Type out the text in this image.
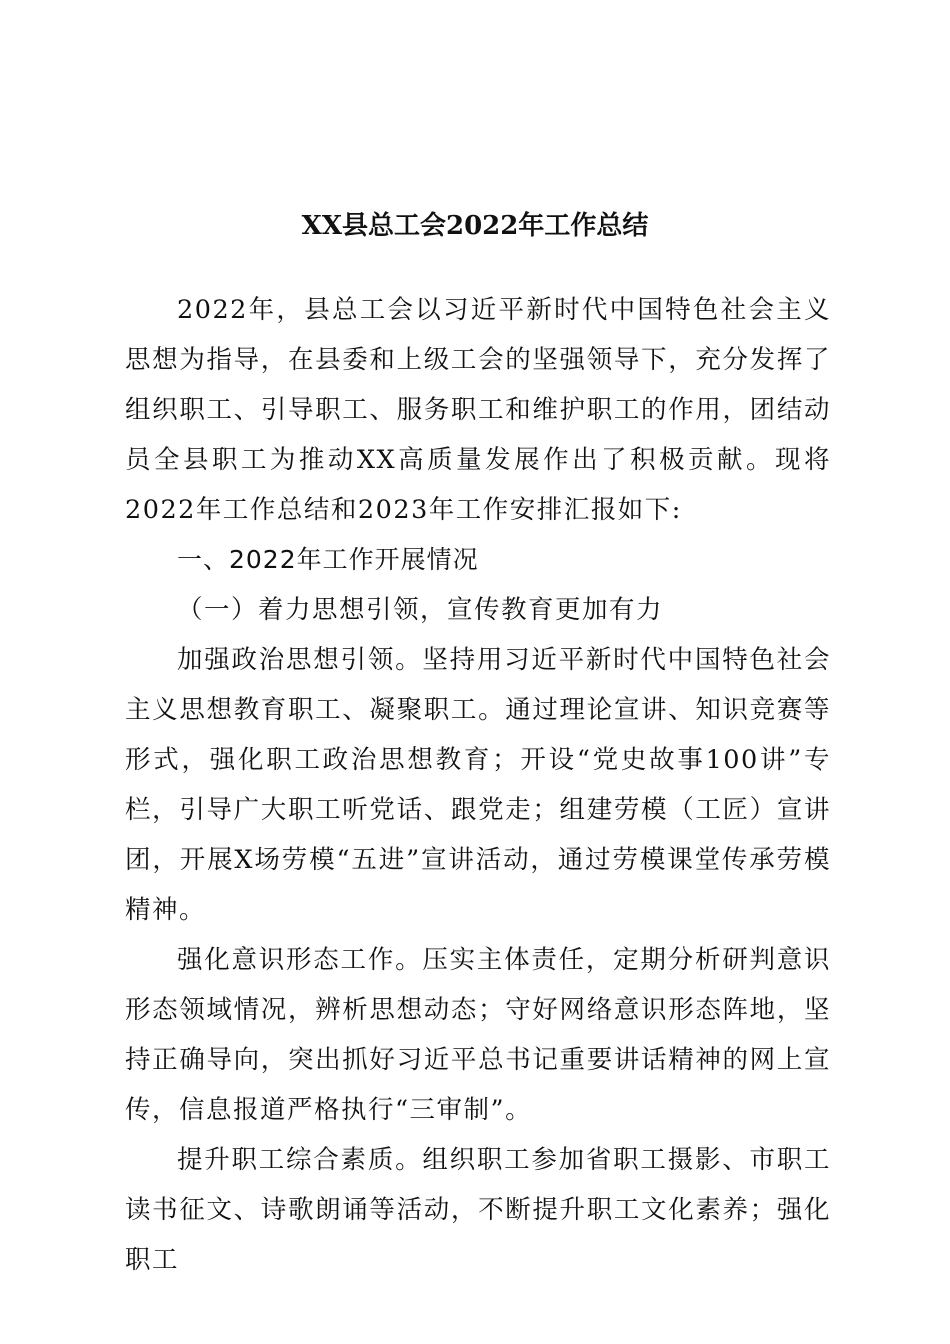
XX县总工会2022年工作总结

2022年，县总工会以习近平新时代中国特色社会主义思想为指导，在县委和上级工会的坚强领导下，充分发挥了组织职工、引导职工、服务职工和维护职工的作用，团结动员全县职工为推动XX高质量发展作出了积极贡献。现将2022年工作总结和2023年工作安排汇报如下:

一、2022年工作开展情况

（一）着力思想引领，宣传教育更加有力

加强政治思想引领。坚持用习近平新时代中国特色社会主义思想教育职工、凝聚职工。通过理论宣讲、知识竞赛等形式，强化职工政治思想教育；开设“党史故事100讲”专栏，引导广大职工听党话、跟党走；组建劳模（工匠）宣讲团，开展X场劳模“五进”宣讲活动，通过劳模课堂传承劳模精神。

强化意识形态工作。压实主体责任，定期分析研判意识形态领域情况，辨析思想动态；守好网络意识形态阵地，坚持正确导向，突出抓好习近平总书记重要讲话精神的网上宣传，信息报道严格执行“三审制”。

提升职工综合素质。组织职工参加省职工摄影、市职工读书征文、诗歌朗诵等活动，不断提升职工文化素养；强化职工
